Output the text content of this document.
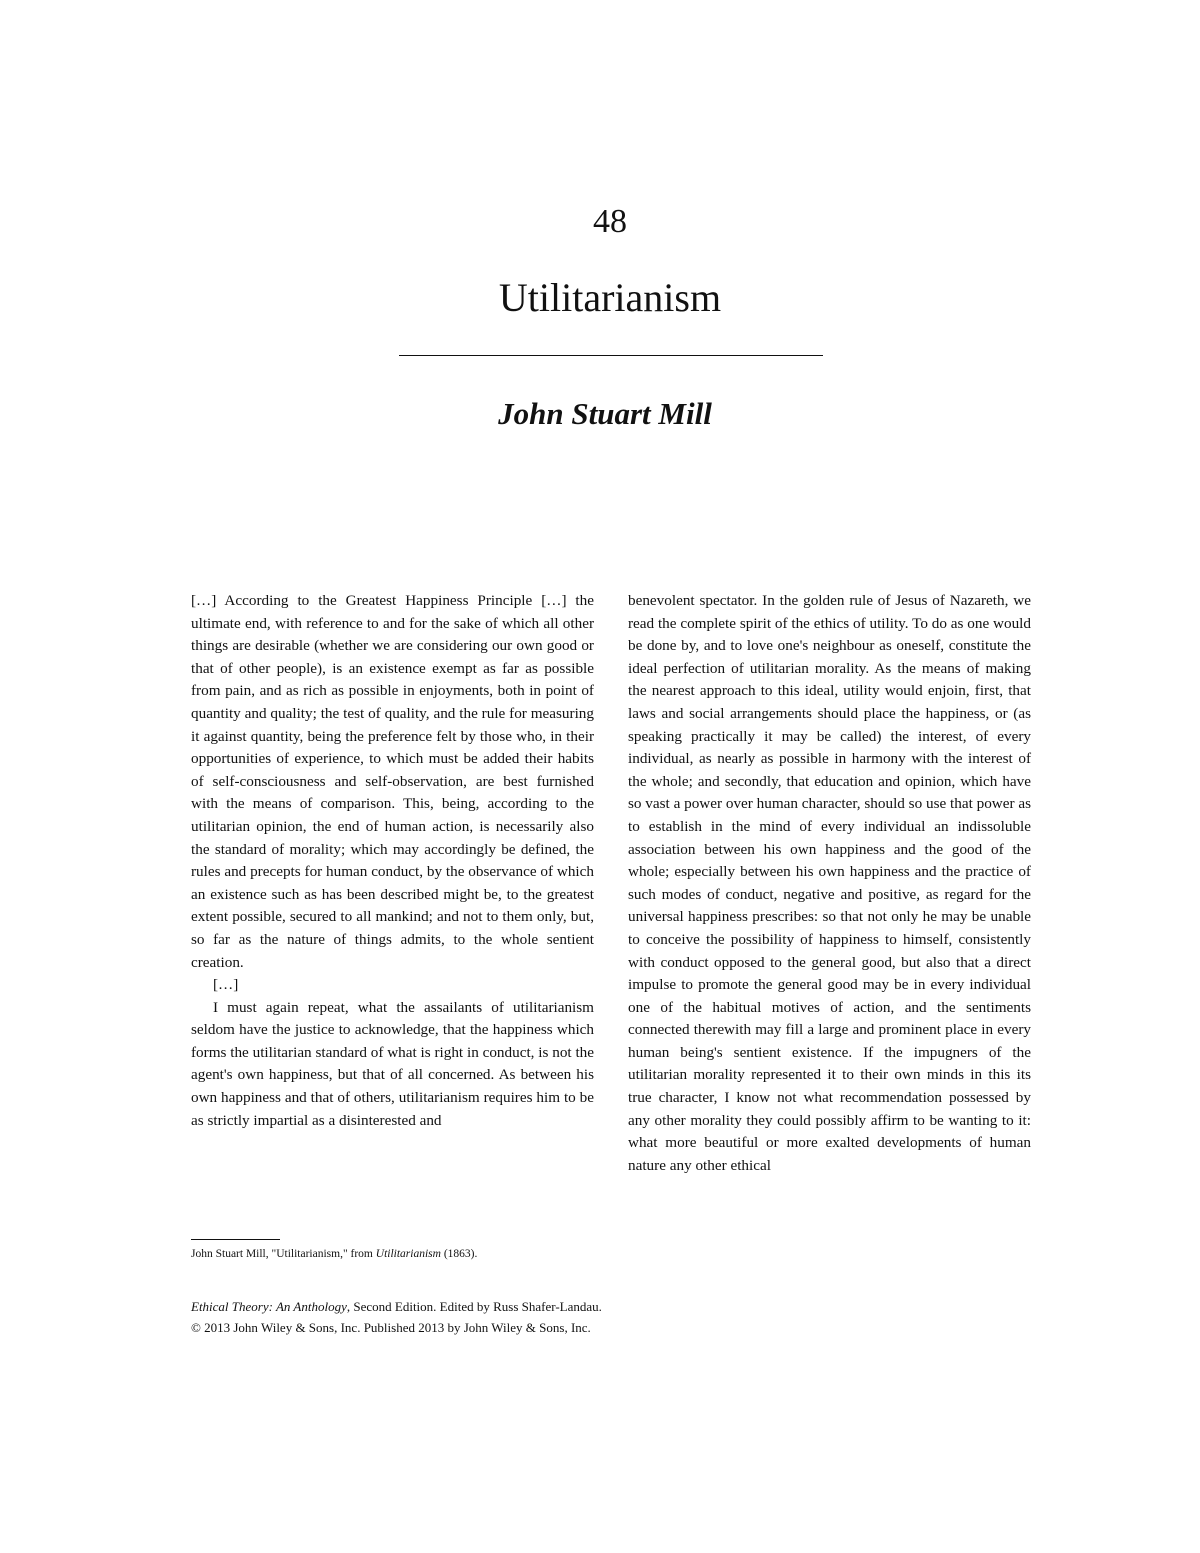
48
Utilitarianism
John Stuart Mill

[…] According to the Greatest Happiness Principle […] the ultimate end, with reference to and for the sake of which all other things are desirable (whether we are considering our own good or that of other people), is an existence exempt as far as possible from pain, and as rich as possible in enjoyments, both in point of quantity and quality; the test of quality, and the rule for measuring it against quantity, being the preference felt by those who, in their opportunities of experience, to which must be added their habits of self-consciousness and self-observation, are best furnished with the means of comparison. This, being, according to the utilitarian opinion, the end of human action, is necessarily also the standard of morality; which may accordingly be defined, the rules and precepts for human conduct, by the observance of which an existence such as has been described might be, to the greatest extent possible, secured to all mankind; and not to them only, but, so far as the nature of things admits, to the whole sentient creation.

[…]

I must again repeat, what the assailants of utilitarianism seldom have the justice to acknowledge, that the happiness which forms the utilitarian standard of what is right in conduct, is not the agent's own happiness, but that of all concerned. As between his own happiness and that of others, utilitarianism requires him to be as strictly impartial as a disinterested and

benevolent spectator. In the golden rule of Jesus of Nazareth, we read the complete spirit of the ethics of utility. To do as one would be done by, and to love one's neighbour as oneself, constitute the ideal perfection of utilitarian morality. As the means of making the nearest approach to this ideal, utility would enjoin, first, that laws and social arrangements should place the happiness, or (as speaking practically it may be called) the interest, of every individual, as nearly as possible in harmony with the interest of the whole; and secondly, that education and opinion, which have so vast a power over human character, should so use that power as to establish in the mind of every individual an indissoluble association between his own happiness and the good of the whole; especially between his own happiness and the practice of such modes of conduct, negative and positive, as regard for the universal happiness prescribes: so that not only he may be unable to conceive the possibility of happiness to himself, consistently with conduct opposed to the general good, but also that a direct impulse to promote the general good may be in every individual one of the habitual motives of action, and the sentiments connected therewith may fill a large and prominent place in every human being's sentient existence. If the impugners of the utilitarian morality represented it to their own minds in this its true character, I know not what recommendation possessed by any other morality they could possibly affirm to be wanting to it: what more beautiful or more exalted developments of human nature any other ethical

John Stuart Mill, "Utilitarianism," from Utilitarianism (1863).
Ethical Theory: An Anthology, Second Edition. Edited by Russ Shafer-Landau.
© 2013 John Wiley & Sons, Inc. Published 2013 by John Wiley & Sons, Inc.
